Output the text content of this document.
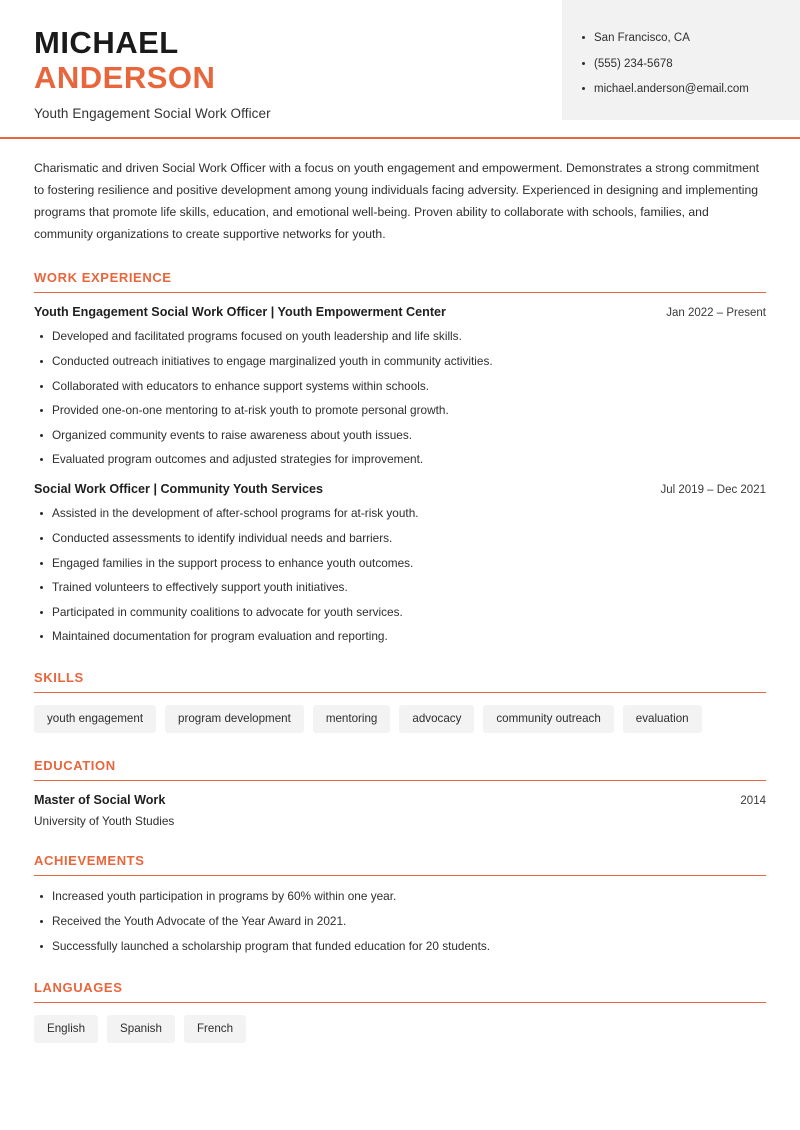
MICHAEL
ANDERSON
Youth Engagement Social Work Officer
San Francisco, CA
(555) 234-5678
michael.anderson@email.com
Charismatic and driven Social Work Officer with a focus on youth engagement and empowerment. Demonstrates a strong commitment to fostering resilience and positive development among young individuals facing adversity. Experienced in designing and implementing programs that promote life skills, education, and emotional well-being. Proven ability to collaborate with schools, families, and community organizations to create supportive networks for youth.
WORK EXPERIENCE
Youth Engagement Social Work Officer | Youth Empowerment Center	Jan 2022 – Present
Developed and facilitated programs focused on youth leadership and life skills.
Conducted outreach initiatives to engage marginalized youth in community activities.
Collaborated with educators to enhance support systems within schools.
Provided one-on-one mentoring to at-risk youth to promote personal growth.
Organized community events to raise awareness about youth issues.
Evaluated program outcomes and adjusted strategies for improvement.
Social Work Officer | Community Youth Services	Jul 2019 – Dec 2021
Assisted in the development of after-school programs for at-risk youth.
Conducted assessments to identify individual needs and barriers.
Engaged families in the support process to enhance youth outcomes.
Trained volunteers to effectively support youth initiatives.
Participated in community coalitions to advocate for youth services.
Maintained documentation for program evaluation and reporting.
SKILLS
youth engagement	program development	mentoring	advocacy	community outreach	evaluation
EDUCATION
Master of Social Work	2014
University of Youth Studies
ACHIEVEMENTS
Increased youth participation in programs by 60% within one year.
Received the Youth Advocate of the Year Award in 2021.
Successfully launched a scholarship program that funded education for 20 students.
LANGUAGES
English	Spanish	French
